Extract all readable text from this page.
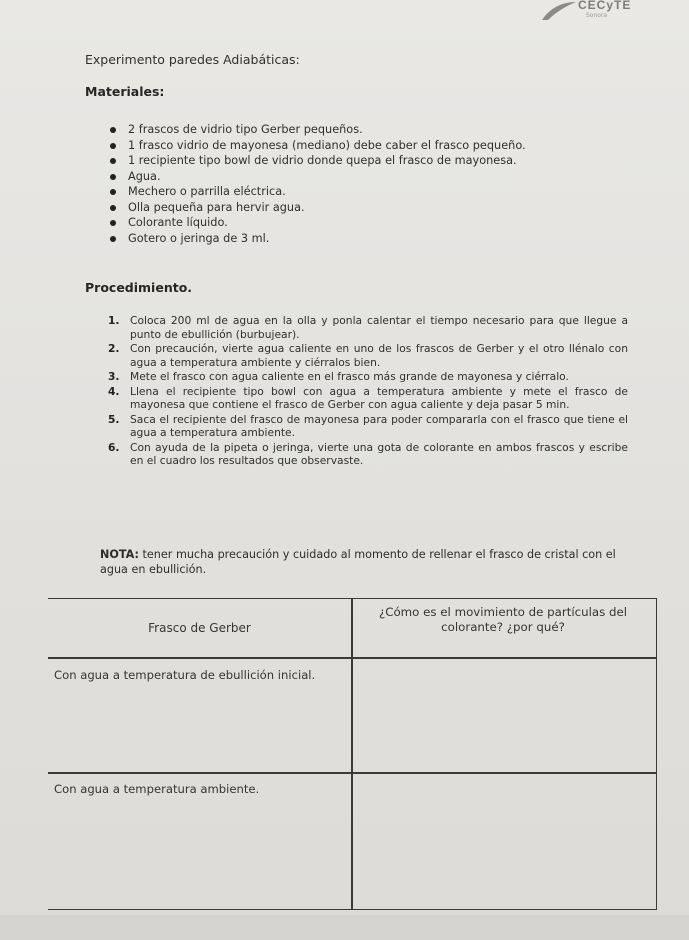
CECyTE
Sonora
Experimento paredes Adiabáticas:
Materiales:
2 frascos de vidrio tipo Gerber pequeños.
1 frasco vidrio de mayonesa (mediano) debe caber el frasco pequeño.
1 recipiente tipo bowl de vidrio donde quepa el frasco de mayonesa.
Agua.
Mechero o parrilla eléctrica.
Olla pequeña para hervir agua.
Colorante líquido.
Gotero o jeringa de 3 ml.
Procedimiento.
1. Coloca 200 ml de agua en la olla y ponla calentar el tiempo necesario para que llegue a punto de ebullición (burbujear).
2. Con precaución, vierte agua caliente en uno de los frascos de Gerber y el otro llénalo con agua a temperatura ambiente y ciérralos bien.
3. Mete el frasco con agua caliente en el frasco más grande de mayonesa y ciérralo.
4. Llena el recipiente tipo bowl con agua a temperatura ambiente y mete el frasco de mayonesa que contiene el frasco de Gerber con agua caliente y deja pasar 5 min.
5. Saca el recipiente del frasco de mayonesa para poder compararla con el frasco que tiene el agua a temperatura ambiente.
6. Con ayuda de la pipeta o jeringa, vierte una gota de colorante en ambos frascos y escribe en el cuadro los resultados que observaste.
NOTA: tener mucha precaución y cuidado al momento de rellenar el frasco de cristal con el agua en ebullición.
Frasco de Gerber
¿Cómo es el movimiento de partículas del colorante? ¿por qué?
Con agua a temperatura de ebullición inicial.
Con agua a temperatura ambiente.
